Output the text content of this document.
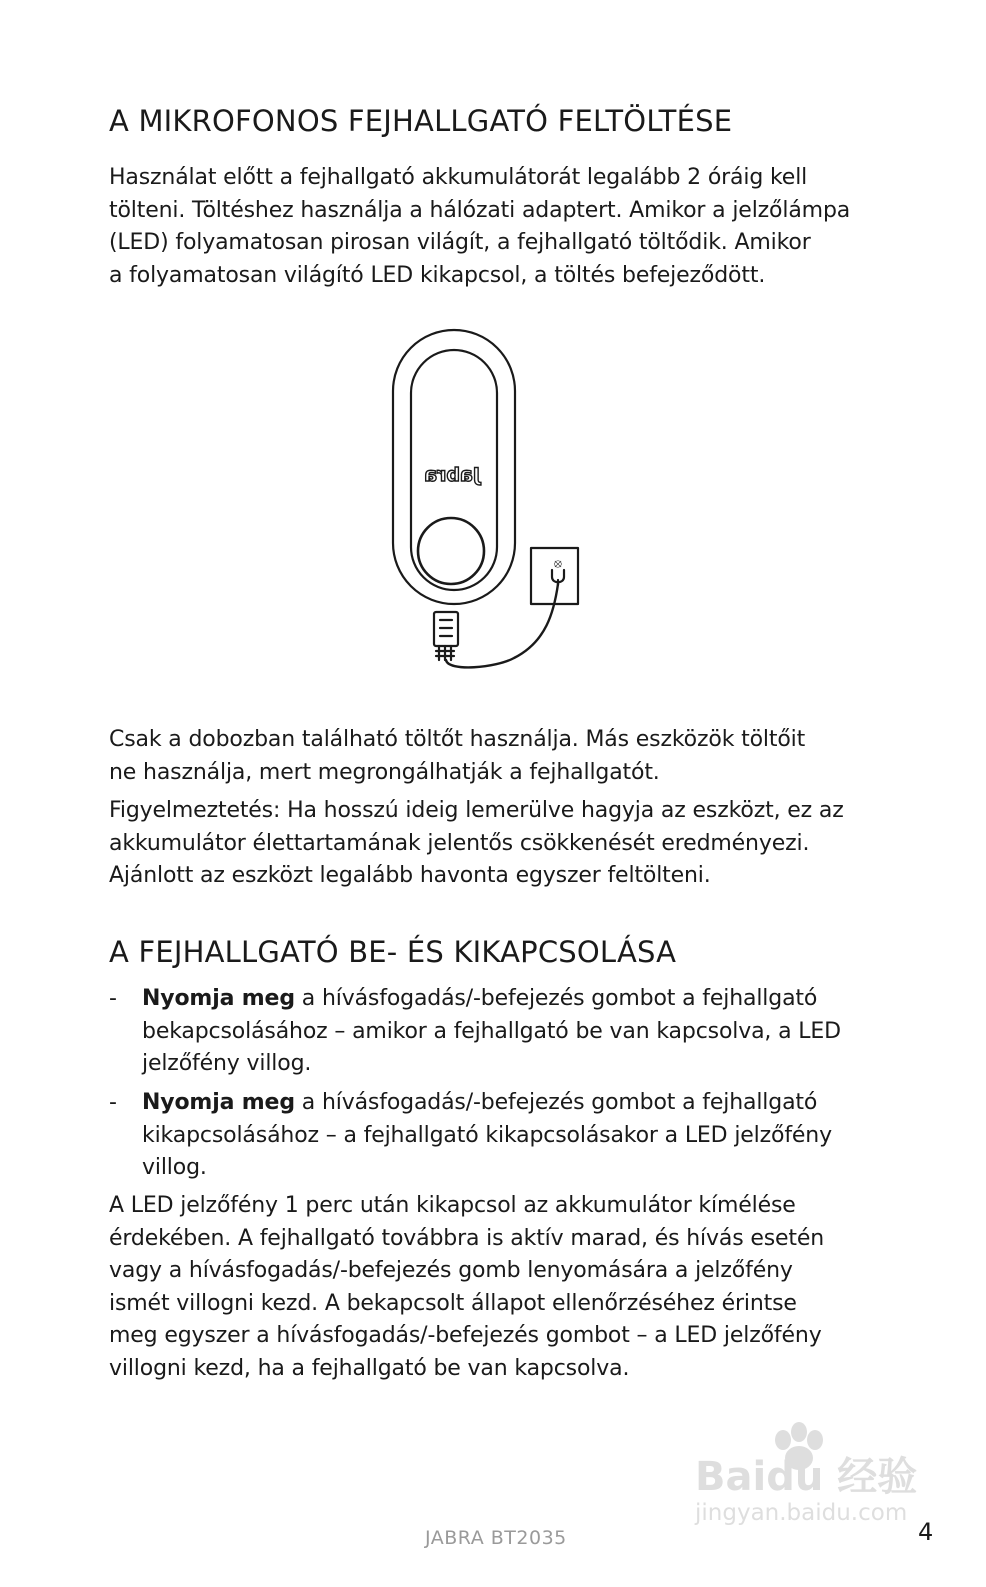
A MIKROFONOS FEJHALLGATÓ FELTÖLTÉSE

Használat előtt a fejhallgató akkumulátorát legalább 2 óráig kell
tölteni. Töltéshez használja a hálózati adaptert. Amikor a jelzőlámpa
(LED) folyamatosan pirosan világít, a fejhallgató töltődik. Amikor
a folyamatosan világító LED kikapcsol, a töltés befejeződött.

⦻
Jabra

Csak a dobozban található töltőt használja. Más eszközök töltőit
ne használja, mert megrongálhatják a fejhallgatót.

Figyelmeztetés: Ha hosszú ideig lemerülve hagyja az eszközt, ez az
akkumulátor élettartamának jelentős csökkenését eredményezi.
Ajánlott az eszközt legalább havonta egyszer feltölteni.

A FEJHALLGATÓ BE- ÉS KIKAPCSOLÁSA
- Nyomja meg a hívásfogadás/-befejezés gombot a fejhallgató
bekapcsolásához – amikor a fejhallgató be van kapcsolva, a LED
jelzőfény villog.
- Nyomja meg a hívásfogadás/-befejezés gombot a fejhallgató
kikapcsolásához – a fejhallgató kikapcsolásakor a LED jelzőfény
villog.

A LED jelzőfény 1 perc után kikapcsol az akkumulátor kímélése
érdekében. A fejhallgató továbbra is aktív marad, és hívás esetén
vagy a hívásfogadás/-befejezés gomb lenyomására a jelzőfény
ismét villogni kezd. A bekapcsolt állapot ellenőrzéséhez érintse
meg egyszer a hívásfogadás/-befejezés gombot – a LED jelzőfény
villogni kezd, ha a fejhallgató be van kapcsolva.

Baidu 经验
jingyan.baidu.com
JABRA BT2035	4
